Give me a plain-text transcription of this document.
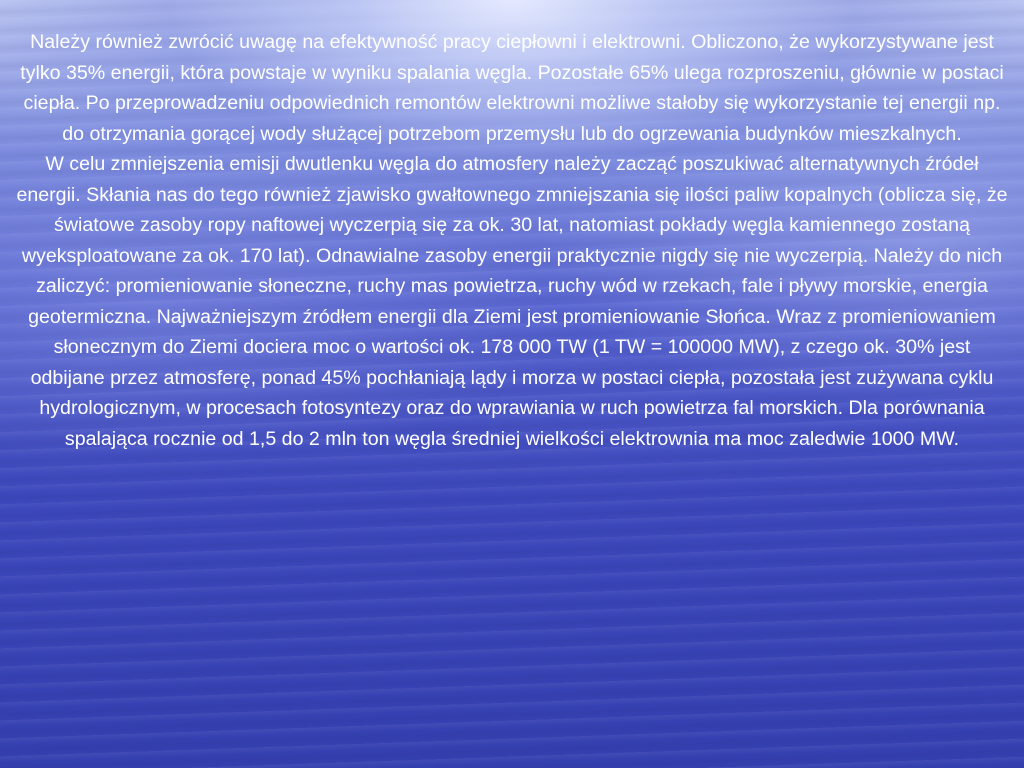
Należy również zwrócić uwagę na efektywność pracy ciepłowni i elektrowni. Obliczono, że wykorzystywane jest tylko 35% energii, która powstaje w wyniku spalania węgla. Pozostałe 65% ulega rozproszeniu, głównie w postaci ciepła. Po przeprowadzeniu odpowiednich remontów elektrowni możliwe stałoby się wykorzystanie tej energii np. do otrzymania gorącej wody służącej potrzebom przemysłu lub do ogrzewania budynków mieszkalnych.

W celu zmniejszenia emisji dwutlenku węgla do atmosfery należy zacząć poszukiwać alternatywnych źródeł energii. Skłania nas do tego również zjawisko gwałtownego zmniejszania się ilości paliw kopalnych (oblicza się, że światowe zasoby ropy naftowej wyczerpią się za ok. 30 lat, natomiast pokłady węgla kamiennego zostaną wyeksploatowane za ok. 170 lat). Odnawialne zasoby energii praktycznie nigdy się nie wyczerpią. Należy do nich zaliczyć: promieniowanie słoneczne, ruchy mas powietrza, ruchy wód w rzekach, fale i pływy morskie, energia geotermiczna. Najważniejszym źródłem energii dla Ziemi jest promieniowanie Słońca. Wraz z promieniowaniem słonecznym do Ziemi dociera moc o wartości ok. 178 000 TW (1 TW = 100000 MW), z czego ok. 30% jest odbijane przez atmosferę, ponad 45% pochłaniają lądy i morza w postaci ciepła, pozostała jest zużywana cyklu hydrologicznym, w procesach fotosyntezy oraz do wprawiania w ruch powietrza fal morskich. Dla porównania spalająca rocznie od 1,5 do 2 mln ton węgla średniej wielkości elektrownia ma moc zaledwie 1000 MW.
